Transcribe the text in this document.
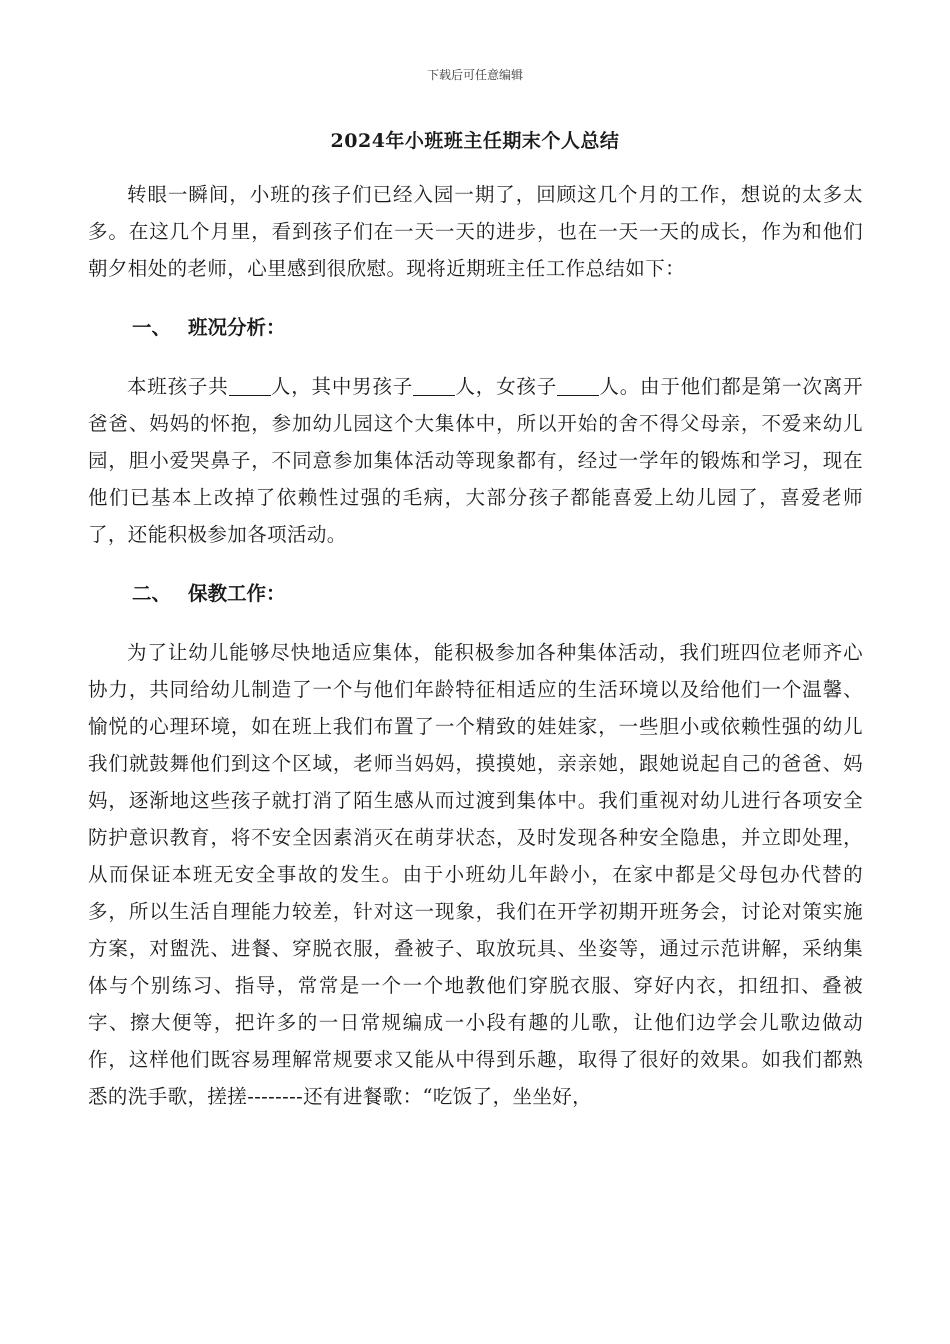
下载后可任意编辑
2024年小班班主任期末个人总结

转眼一瞬间，小班的孩子们已经入园一期了，回顾这几个月的工作，想说的太多太多。在这几个月里，看到孩子们在一天一天的进步，也在一天一天的成长，作为和他们朝夕相处的老师，心里感到很欣慰。现将近期班主任工作总结如下：

一、 班况分析：

本班孩子共 人，其中男孩子 人，女孩子 人。由于他们都是第一次离开爸爸、妈妈的怀抱，参加幼儿园这个大集体中，所以开始的舍不得父母亲，不爱来幼儿园，胆小爱哭鼻子，不同意参加集体活动等现象都有，经过一学年的锻炼和学习，现在他们已基本上改掉了依赖性过强的毛病，大部分孩子都能喜爱上幼儿园了，喜爱老师了，还能积极参加各项活动。

二、 保教工作：

为了让幼儿能够尽快地适应集体，能积极参加各种集体活动，我们班四位老师齐心协力，共同给幼儿制造了一个与他们年龄特征相适应的生活环境以及给他们一个温馨、愉悦的心理环境，如在班上我们布置了一个精致的娃娃家，一些胆小或依赖性强的幼儿我们就鼓舞他们到这个区域，老师当妈妈，摸摸她，亲亲她，跟她说起自己的爸爸、妈妈，逐渐地这些孩子就打消了陌生感从而过渡到集体中。我们重视对幼儿进行各项安全防护意识教育，将不安全因素消灭在萌芽状态，及时发现各种安全隐患，并立即处理，从而保证本班无安全事故的发生。由于小班幼儿年龄小，在家中都是父母包办代替的多，所以生活自理能力较差，针对这一现象，我们在开学初期开班务会，讨论对策实施方案，对盥洗、进餐、穿脱衣服，叠被子、取放玩具、坐姿等，通过示范讲解，采纳集体与个别练习、指导，常常是一个一个地教他们穿脱衣服、穿好内衣，扣纽扣、叠被字、擦大便等，把许多的一日常规编成一小段有趣的儿歌，让他们边学会儿歌边做动作，这样他们既容易理解常规要求又能从中得到乐趣，取得了很好的效果。如我们都熟悉的洗手歌，搓搓--------还有进餐歌：“吃饭了，坐坐好，
